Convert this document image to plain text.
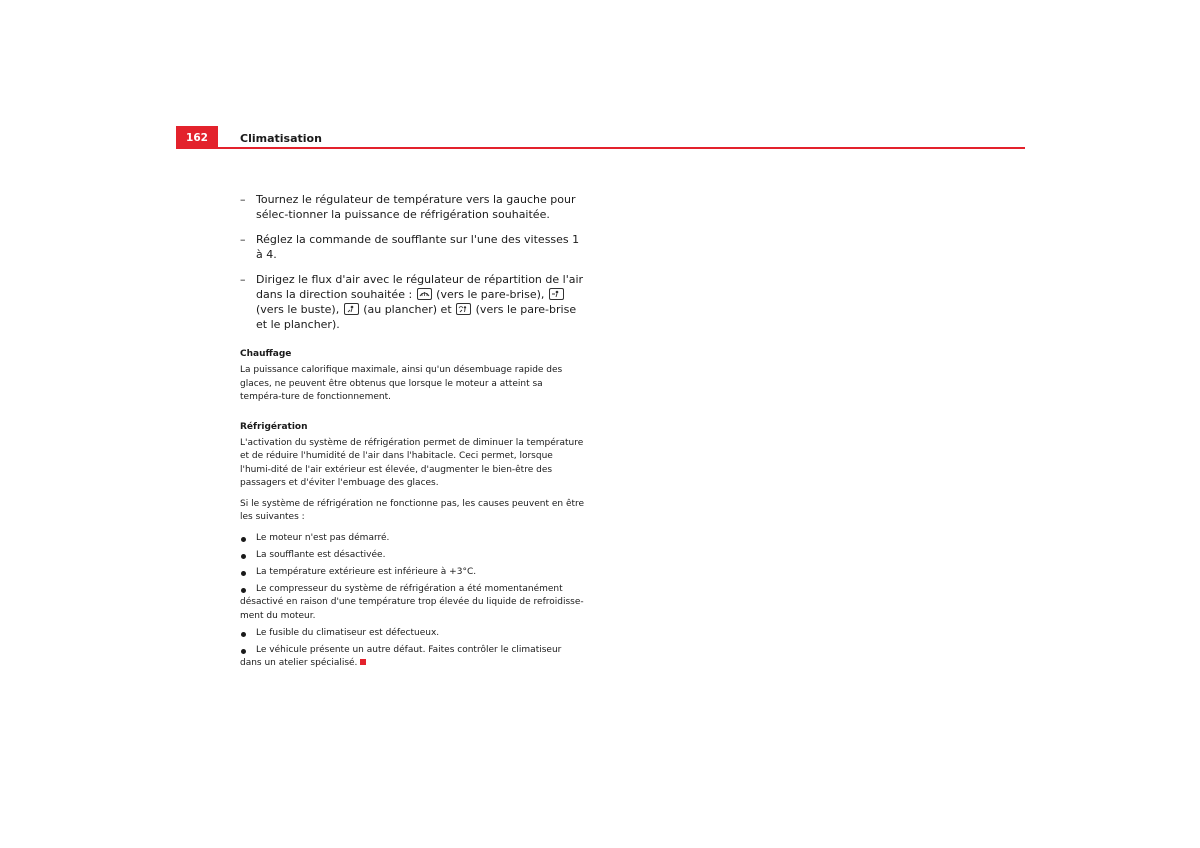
162	Climatisation
– Tournez le régulateur de température vers la gauche pour sélec-tionner la puissance de réfrigération souhaitée.
– Réglez la commande de soufflante sur l'une des vitesses 1 à 4.
– Dirigez le flux d'air avec le régulateur de répartition de l'air dans la direction souhaitée : (vers le pare-brise),
(vers le buste), (au plancher) et (vers le pare-brise et le plancher).
Chauffage
La puissance calorifique maximale, ainsi qu'un désembuage rapide des glaces, ne peuvent être obtenus que lorsque le moteur a atteint sa tempéra-ture de fonctionnement.
Réfrigération
L'activation du système de réfrigération permet de diminuer la température et de réduire l'humidité de l'air dans l'habitacle. Ceci permet, lorsque l'humi-dité de l'air extérieur est élevée, d'augmenter le bien-être des passagers et d'éviter l'embuage des glaces.
Si le système de réfrigération ne fonctionne pas, les causes peuvent en être les suivantes :
Le moteur n'est pas démarré.
La soufflante est désactivée.
La température extérieure est inférieure à +3°C.
Le compresseur du système de réfrigération a été momentanément désactivé en raison d'une température trop élevée du liquide de refroidisse-ment du moteur.
Le fusible du climatiseur est défectueux.
Le véhicule présente un autre défaut. Faites contrôler le climatiseur dans un atelier spécialisé.
